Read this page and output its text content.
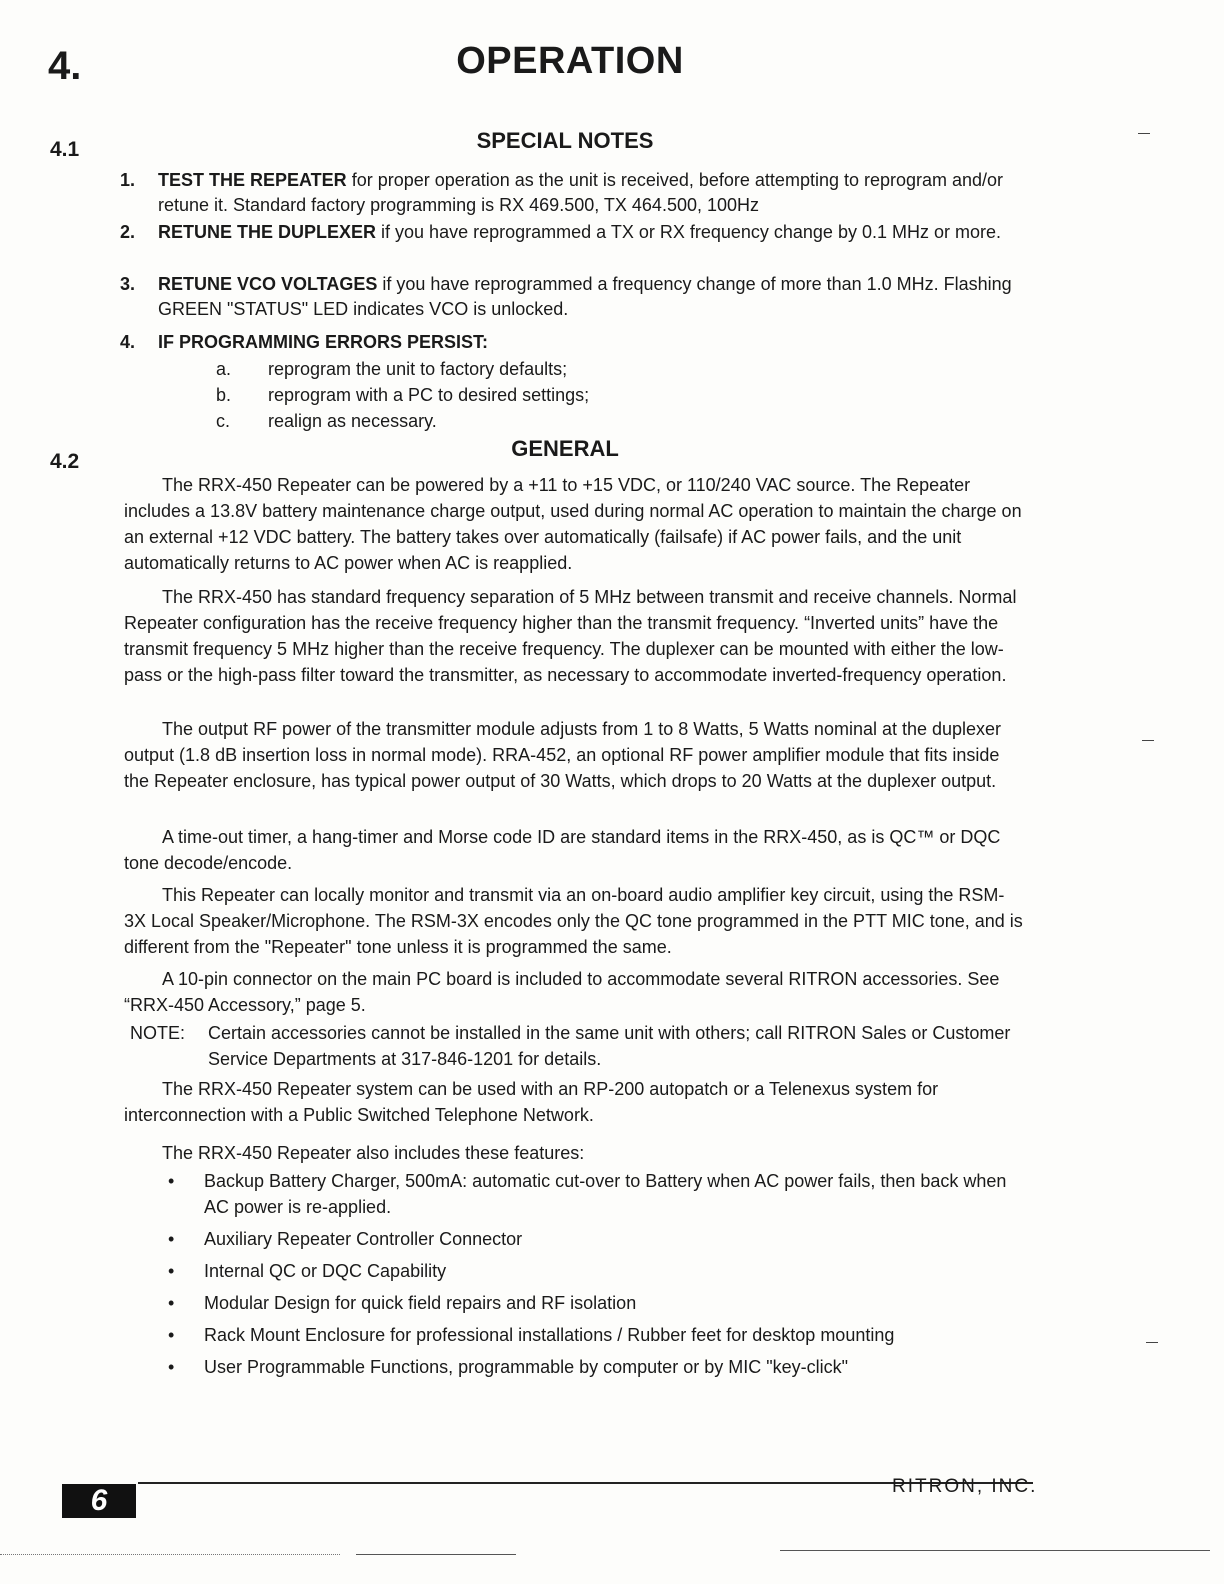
4.	OPERATION
4.1	SPECIAL NOTES
1. TEST THE REPEATER for proper operation as the unit is received, before attempting to reprogram and/or retune it. Standard factory programming is RX 469.500, TX 464.500, 100Hz
2. RETUNE THE DUPLEXER if you have reprogrammed a TX or RX frequency change by 0.1 MHz or more.
3. RETUNE VCO VOLTAGES if you have reprogrammed a frequency change of more than 1.0 MHz. Flashing GREEN "STATUS" LED indicates VCO is unlocked.
4. IF PROGRAMMING ERRORS PERSIST:
a. reprogram the unit to factory defaults;
b. reprogram with a PC to desired settings;
c. realign as necessary.
4.2
GENERAL

The RRX-450 Repeater can be powered by a +11 to +15 VDC, or 110/240 VAC source. The Repeater includes a 13.8V battery maintenance charge output, used during normal AC operation to maintain the charge on an external +12 VDC battery. The battery takes over automatically (failsafe) if AC power fails, and the unit automatically returns to AC power when AC is reapplied.

The RRX-450 has standard frequency separation of 5 MHz between transmit and receive channels. Normal Repeater configuration has the receive frequency higher than the transmit frequency. “Inverted units” have the transmit frequency 5 MHz higher than the receive frequency. The duplexer can be mounted with either the low-pass or the high-pass filter toward the transmitter, as necessary to accommodate inverted-frequency operation.

The output RF power of the transmitter module adjusts from 1 to 8 Watts, 5 Watts nominal at the duplexer output (1.8 dB insertion loss in normal mode). RRA-452, an optional RF power amplifier module that fits inside the Repeater enclosure, has typical power output of 30 Watts, which drops to 20 Watts at the duplexer output.

A time-out timer, a hang-timer and Morse code ID are standard items in the RRX-450, as is QC™ or DQC tone decode/encode.

This Repeater can locally monitor and transmit via an on-board audio amplifier key circuit, using the RSM-3X Local Speaker/Microphone. The RSM-3X encodes only the QC tone programmed in the PTT MIC tone, and is different from the "Repeater" tone unless it is programmed the same.

A 10-pin connector on the main PC board is included to accommodate several RITRON accessories. See “RRX-450 Accessory,” page 5.

NOTE: Certain accessories cannot be installed in the same unit with others; call RITRON Sales or Customer Service Departments at 317-846-1201 for details.

The RRX-450 Repeater system can be used with an RP-200 autopatch or a Telenexus system for interconnection with a Public Switched Telephone Network.

The RRX-450 Repeater also includes these features:

• Backup Battery Charger, 500mA: automatic cut-over to Battery when AC power fails, then back when AC power is re-applied.
• Auxiliary Repeater Controller Connector
• Internal QC or DQC Capability
• Modular Design for quick field repairs and RF isolation
• Rack Mount Enclosure for professional installations / Rubber feet for desktop mounting
• User Programmable Functions, programmable by computer or by MIC "key-click"
6	RITRON, INC.
